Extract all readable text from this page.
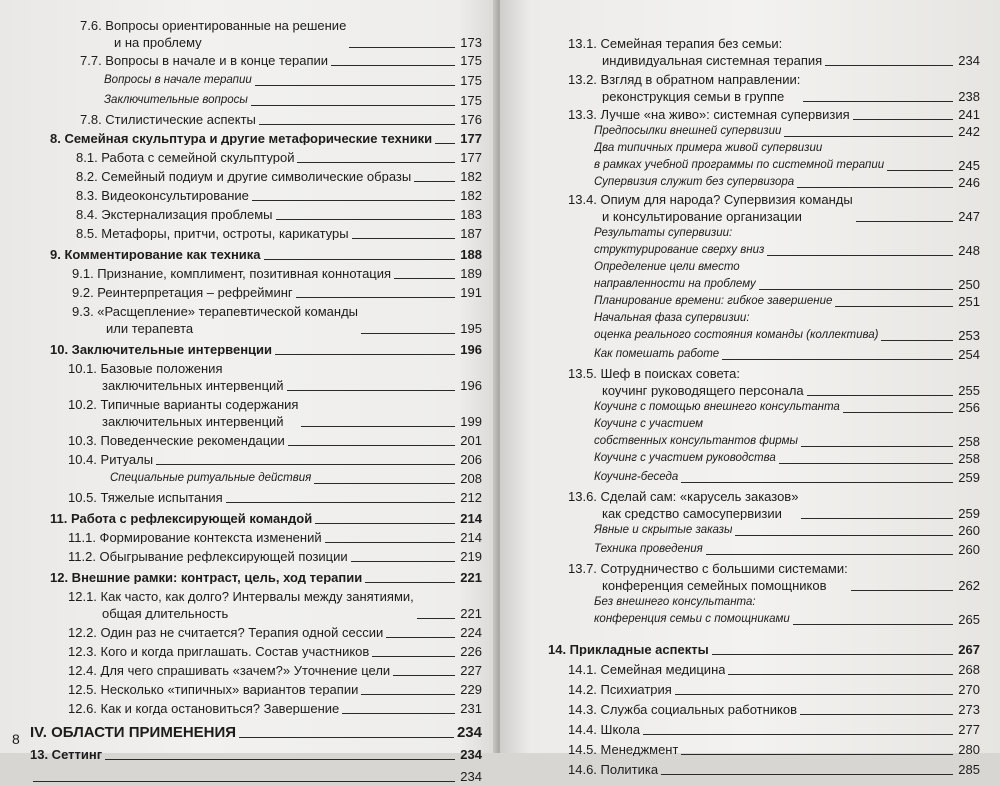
7.6. Вопросы ориентированные на решение
и на проблему	173
7.7. Вопросы в начале и в конце терапии	175
Вопросы в начале терапии	175
Заключительные вопросы	175
7.8. Стилистические аспекты	176
8. Семейная скульптура и другие метафорические техники 177
8.1. Работа с семейной скульптурой	177
8.2. Семейный подиум и другие символические образы	182
8.3. Видеоконсультирование	182
8.4. Экстернализация проблемы	183
8.5. Метафоры, притчи, остроты, карикатуры	187
9. Комментирование как техника	188
9.1. Признание, комплимент, позитивная коннотация	189
9.2. Реинтерпретация – рефрейминг	191
9.3. «Расщепление» терапевтической команды
или терапевта	195
10. Заключительные интервенции	196
10.1. Базовые положения
заключительных интервенций	196
10.2. Типичные варианты содержания
заключительных интервенций	199
10.3. Поведенческие рекомендации	201
10.4. Ритуалы	206
Специальные ритуальные действия	208
10.5. Тяжелые испытания	212
11. Работа с рефлексирующей командой	214
11.1. Формирование контекста изменений	214
11.2. Обыгрывание рефлексирующей позиции	219
12. Внешние рамки: контраст, цель, ход терапии	221
12.1. Как часто, как долго? Интервалы между занятиями,
общая длительность	221
12.2. Один раз не считается? Терапия одной сессии	224
12.3. Кого и когда приглашать. Состав участников	226
12.4. Для чего спрашивать «зачем?» Уточнение цели	227
12.5. Несколько «типичных» вариантов терапии	229
12.6. Как и когда остановиться? Завершение	231
IV. ОБЛАСТИ ПРИМЕНЕНИЯ	234
13. Сеттинг	234
234
8
13.1. Семейная терапия без семьи:
индивидуальная системная терапия	234
13.2. Взгляд в обратном направлении:
реконструкция семьи в группе	238
13.3. Лучше «на живо»: системная супервизия	241
Предпосылки внешней супервизии	242
Два типичных примера живой супервизии
в рамках учебной программы по системной терапии	245
Супервизия служит без супервизора	246
13.4. Опиум для народа? Супервизия команды
и консультирование организации	247
Результаты супервизии:
структурирование сверху вниз	248
Определение цели вместо
направленности на проблему	250
Планирование времени: гибкое завершение	251
Начальная фаза супервизии:
оценка реального состояния команды (коллектива)	253
Как помешать работе	254
13.5. Шеф в поисках совета:
коучинг руководящего персонала	255
Коучинг с помощью внешнего консультанта	256
Коучинг с участием
собственных консультантов фирмы	258
Коучинг с участием руководства	258
Коучинг-беседа	259
13.6. Сделай сам: «карусель заказов»
как средство самосупервизии	259
Явные и скрытые заказы	260
Техника проведения	260
13.7. Сотрудничество с большими системами:
конференция семейных помощников	262
Без внешнего консультанта:
конференция семьи с помощниками	265
14. Прикладные аспекты	267
14.1. Семейная медицина	268
14.2. Психиатрия	270
14.3. Служба социальных работников	273
14.4. Школа	277
14.5. Менеджмент	280
14.6. Политика	285
